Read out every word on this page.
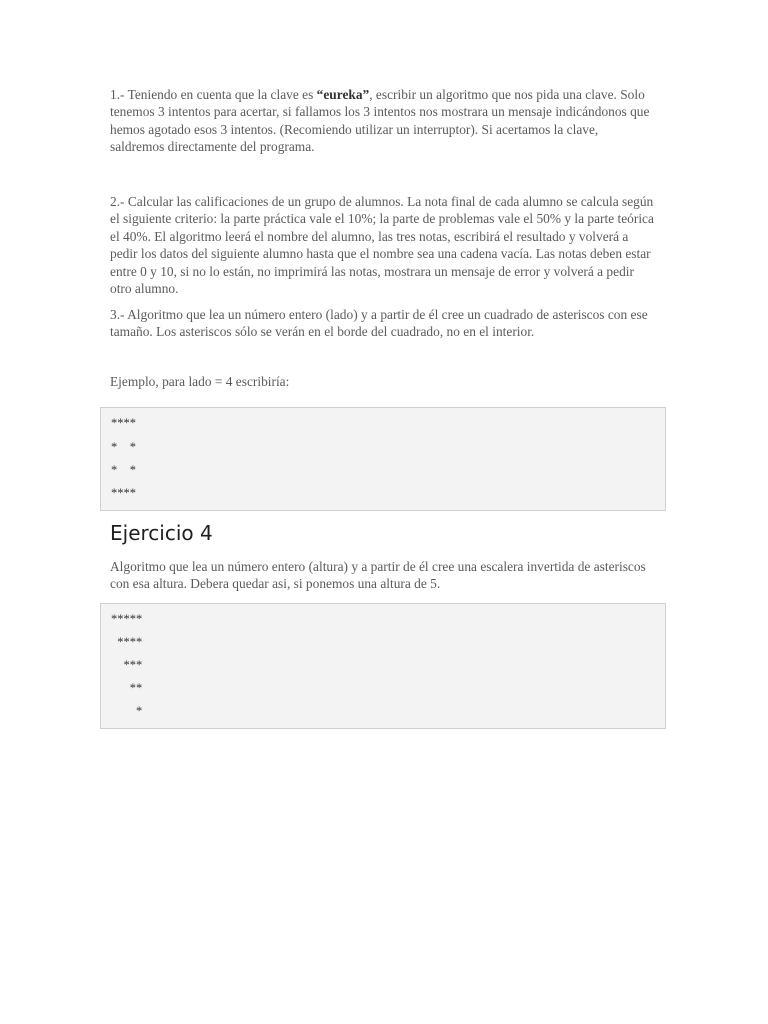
1.- Teniendo en cuenta que la clave es “eureka”, escribir un algoritmo que nos pida una clave. Solo tenemos 3 intentos para acertar, si fallamos los 3 intentos nos mostrara un mensaje indicándonos que hemos agotado esos 3 intentos. (Recomiendo utilizar un interruptor). Si acertamos la clave, saldremos directamente del programa.

2.- Calcular las calificaciones de un grupo de alumnos. La nota final de cada alumno se calcula según el siguiente criterio: la parte práctica vale el 10%; la parte de problemas vale el 50% y la parte teórica el 40%. El algoritmo leerá el nombre del alumno, las tres notas, escribirá el resultado y volverá a pedir los datos del siguiente alumno hasta que el nombre sea una cadena vacía. Las notas deben estar entre 0 y 10, si no lo están, no imprimirá las notas, mostrara un mensaje de error y volverá a pedir otro alumno.

3.- Algoritmo que lea un número entero (lado) y a partir de él cree un cuadrado de asteriscos con ese tamaño. Los asteriscos sólo se verán en el borde del cuadrado, no en el interior.

Ejemplo, para lado = 4 escribiría:

****
*    *
*    *
****
Ejercicio 4

Algoritmo que lea un número entero (altura) y a partir de él cree una escalera invertida de asteriscos con esa altura. Debera quedar asi, si ponemos una altura de 5.

*****
****
***
**
*
